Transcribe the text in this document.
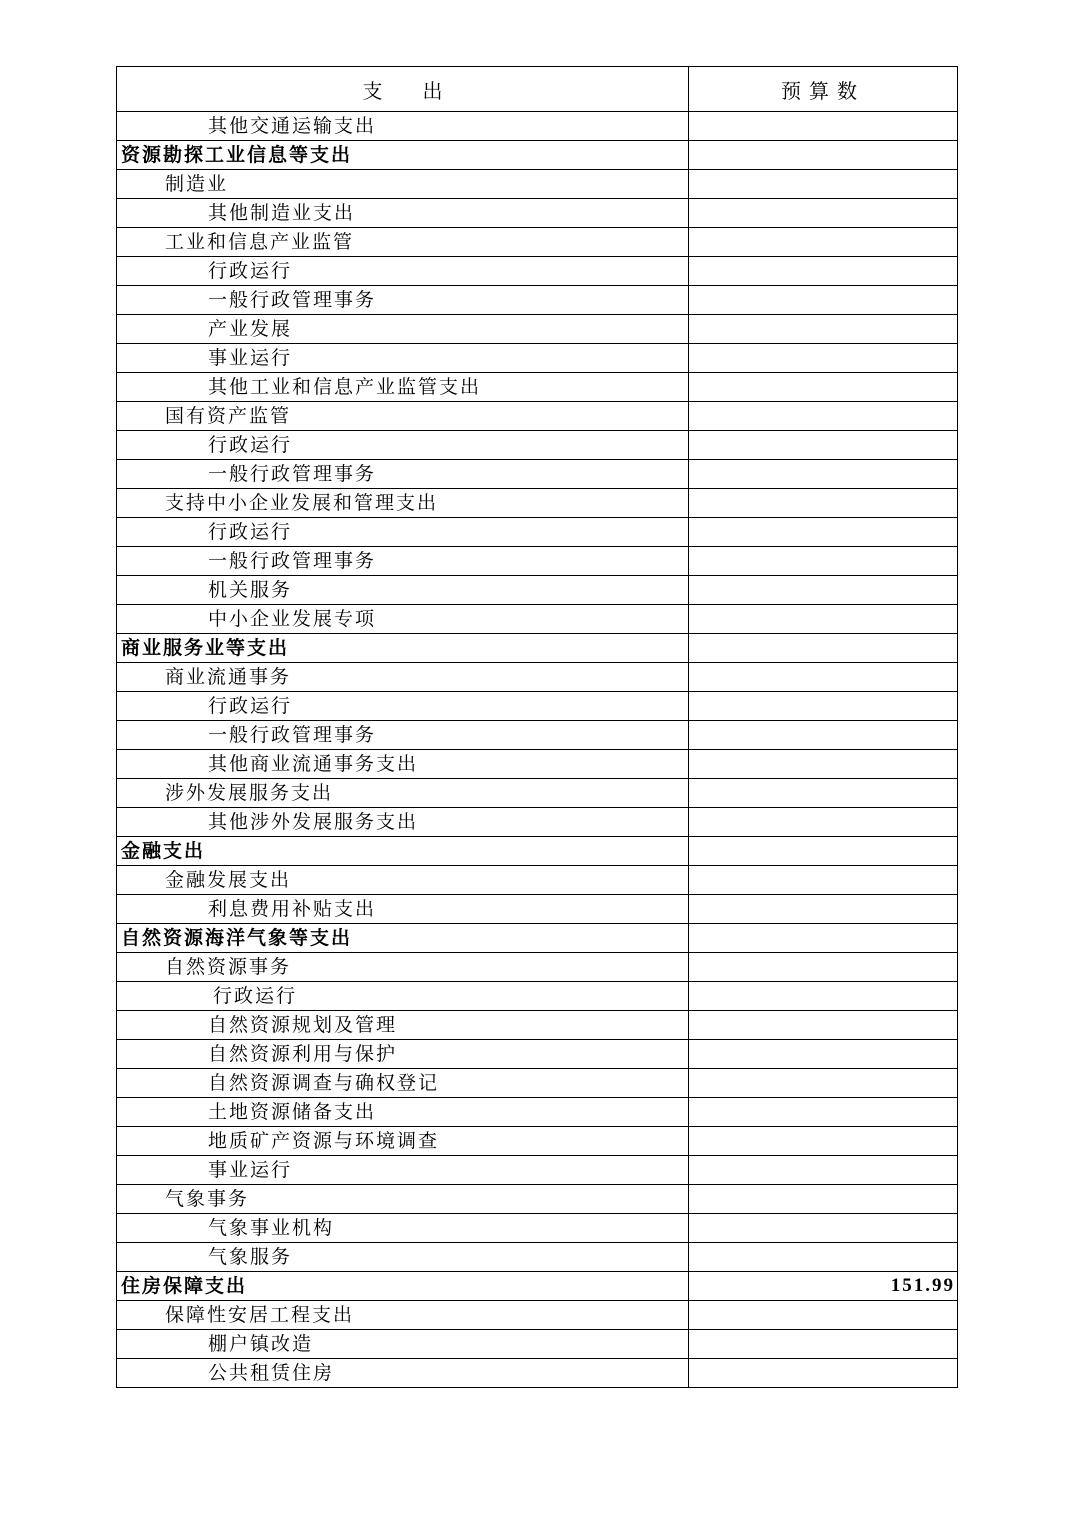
支 出	预算数
其他交通运输支出	
资源勘探工业信息等支出	
制造业	
其他制造业支出	
工业和信息产业监管	
行政运行	
一般行政管理事务	
产业发展	
事业运行	
其他工业和信息产业监管支出	
国有资产监管	
行政运行	
一般行政管理事务	
支持中小企业发展和管理支出	
行政运行	
一般行政管理事务	
机关服务	
中小企业发展专项	
商业服务业等支出	
商业流通事务	
行政运行	
一般行政管理事务	
其他商业流通事务支出	
涉外发展服务支出	
其他涉外发展服务支出	
金融支出	
金融发展支出	
利息费用补贴支出	
自然资源海洋气象等支出	
自然资源事务	
行政运行	
自然资源规划及管理	
自然资源利用与保护	
自然资源调查与确权登记	
土地资源储备支出	
地质矿产资源与环境调查	
事业运行	
气象事务	
气象事业机构	
气象服务	
住房保障支出	151.99
保障性安居工程支出	
棚户镇改造	
公共租赁住房	
